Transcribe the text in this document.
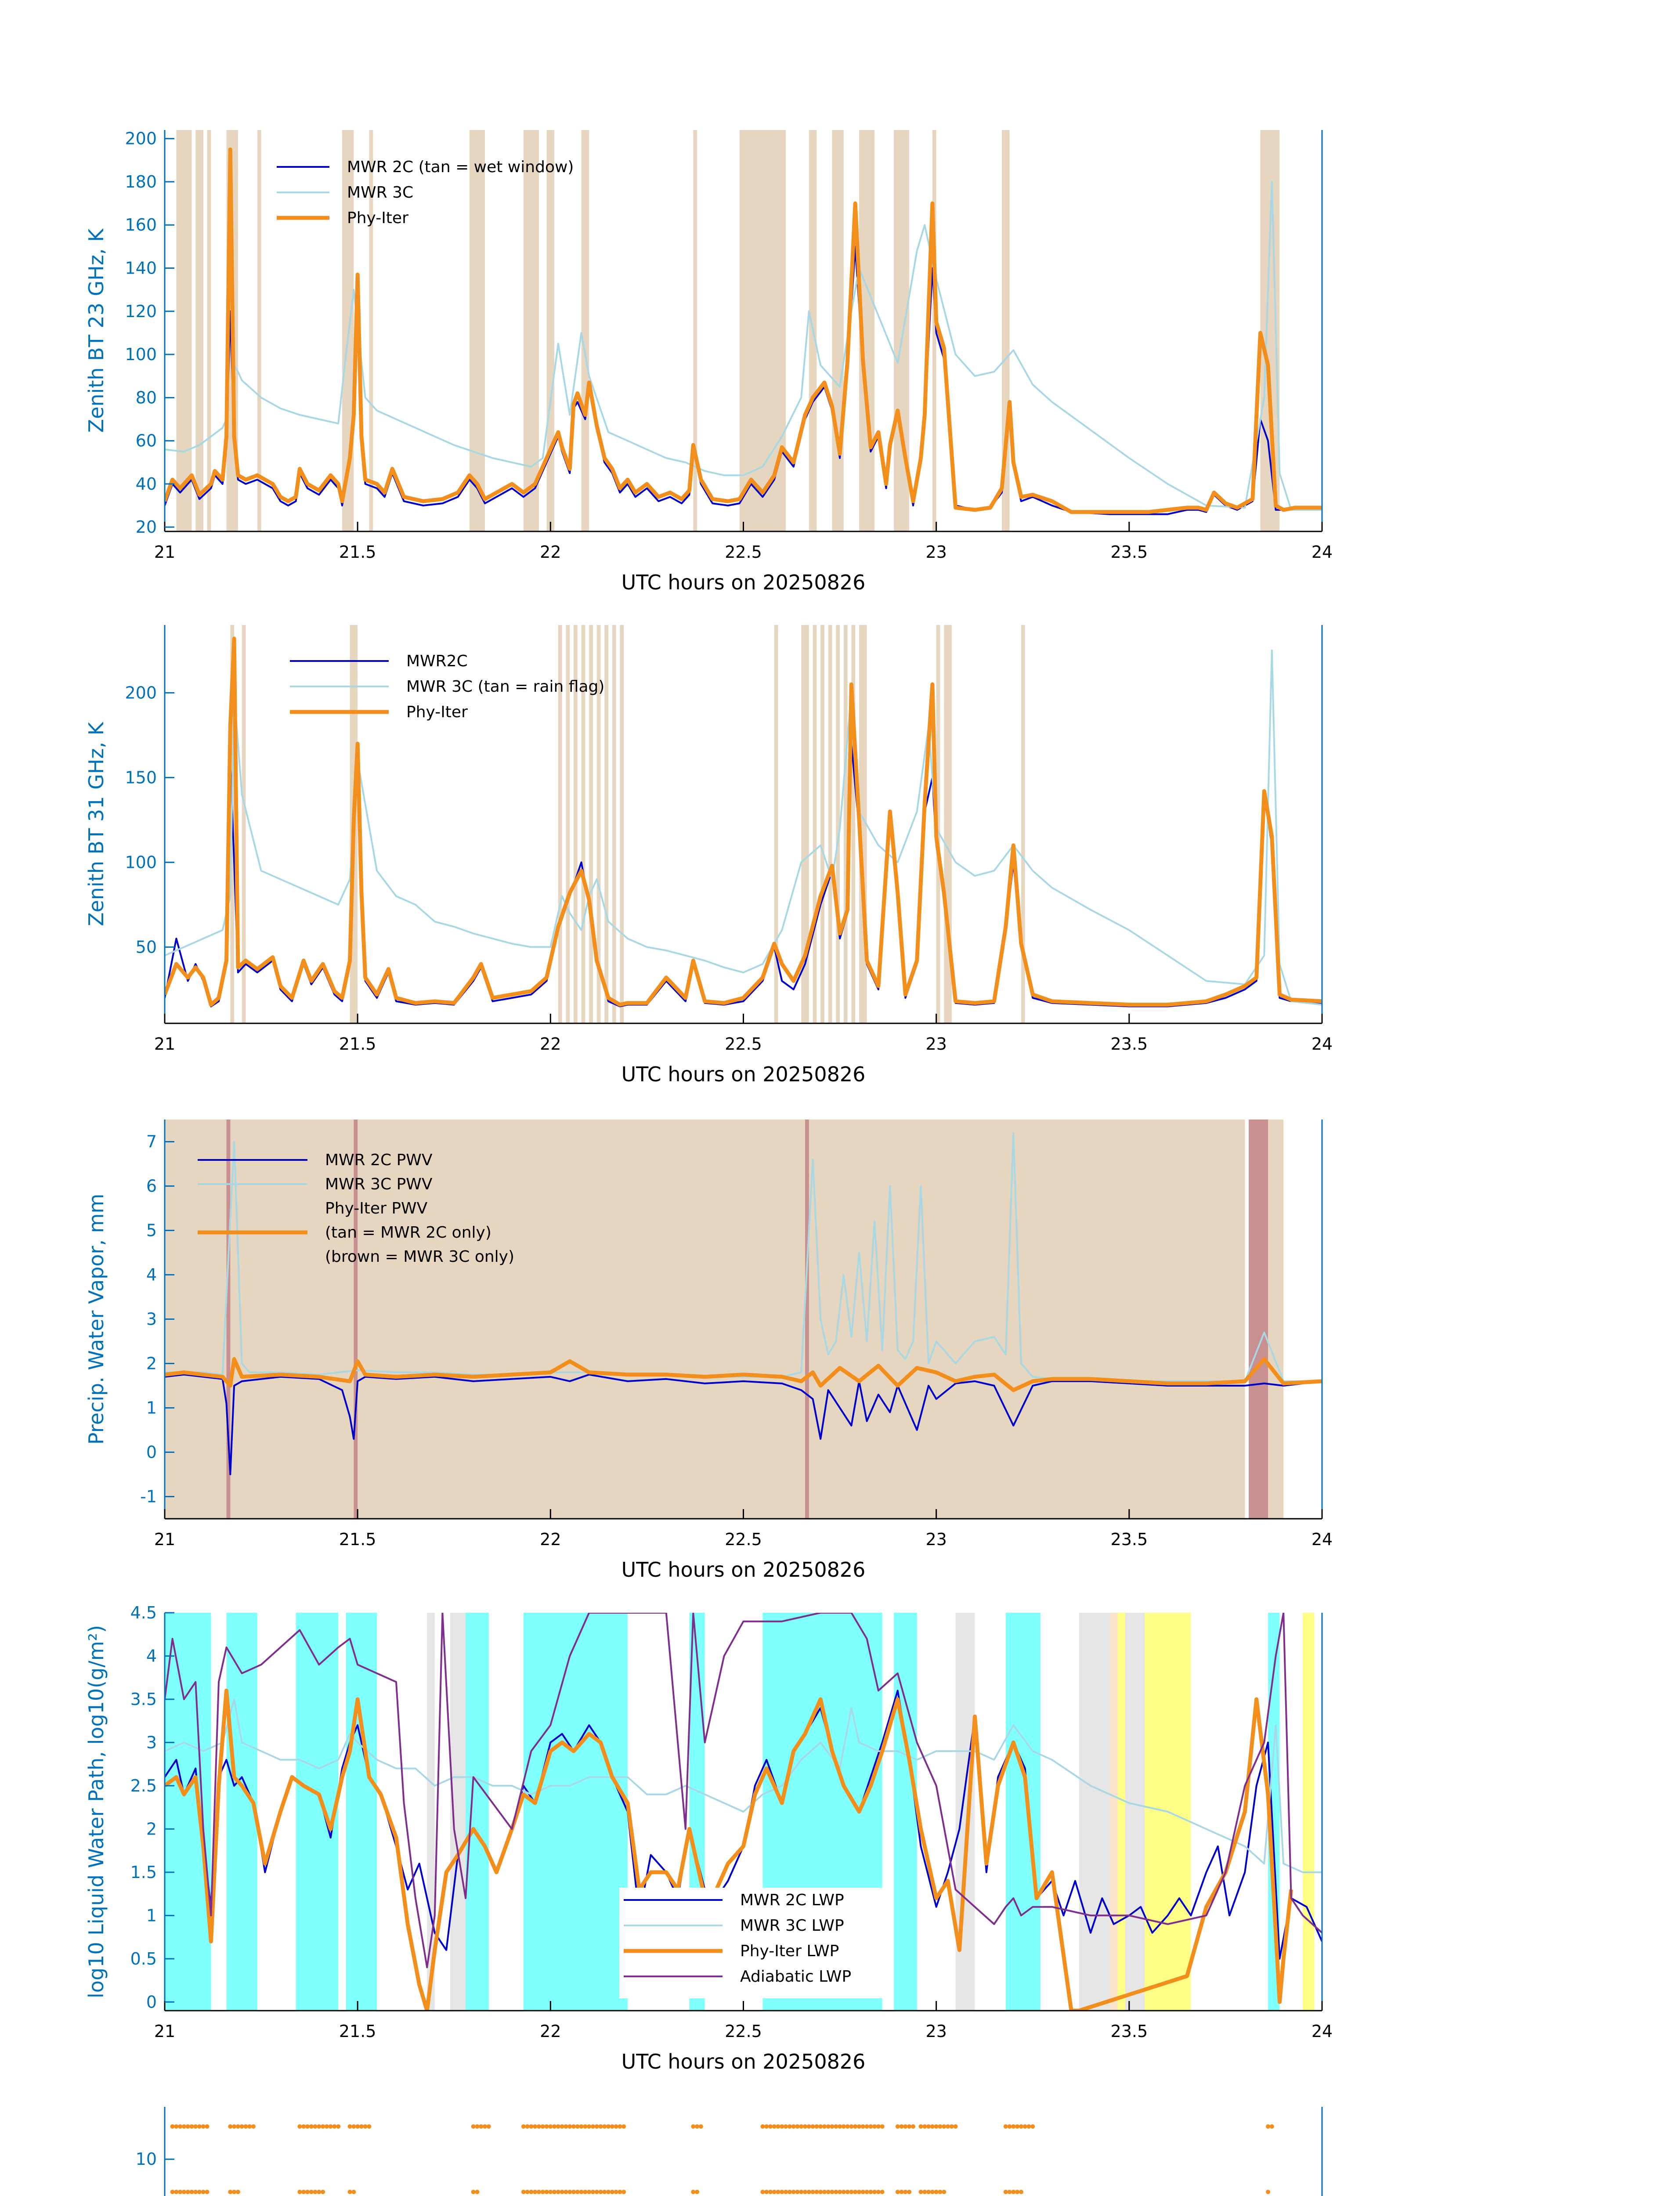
21	21.5	22	22.5	23	23.5	24
20
40
60
80
100
120
140
160
180
200
UTC hours on 20250826
Zenith BT 23 GHz, K
MWR 2C (tan = wet window)
MWR 3C
Phy-Iter
21	21.5	22	22.5	23	23.5	24
50
100
150
200
UTC hours on 20250826
Zenith BT 31 GHz, K
MWR2C
MWR 3C (tan = rain flag)
Phy-Iter
21	21.5	22	22.5	23	23.5	24
-1
0
1
2
3
4
5
6
7
UTC hours on 20250826
Precip. Water Vapor, mm
MWR 2C PWV
MWR 3C PWV
Phy-Iter PWV
(tan = MWR 2C only)
(brown = MWR 3C only)
21	21.5	22	22.5	23	23.5	24
0
0.5
1
1.5
2
2.5
3
3.5
4
4.5
UTC hours on 20250826
log10 Liquid Water Path, log10(g/m²)	MWR 2C LWP
MWR 3C LWP
Phy-Iter LWP
Adiabatic LWP
10
